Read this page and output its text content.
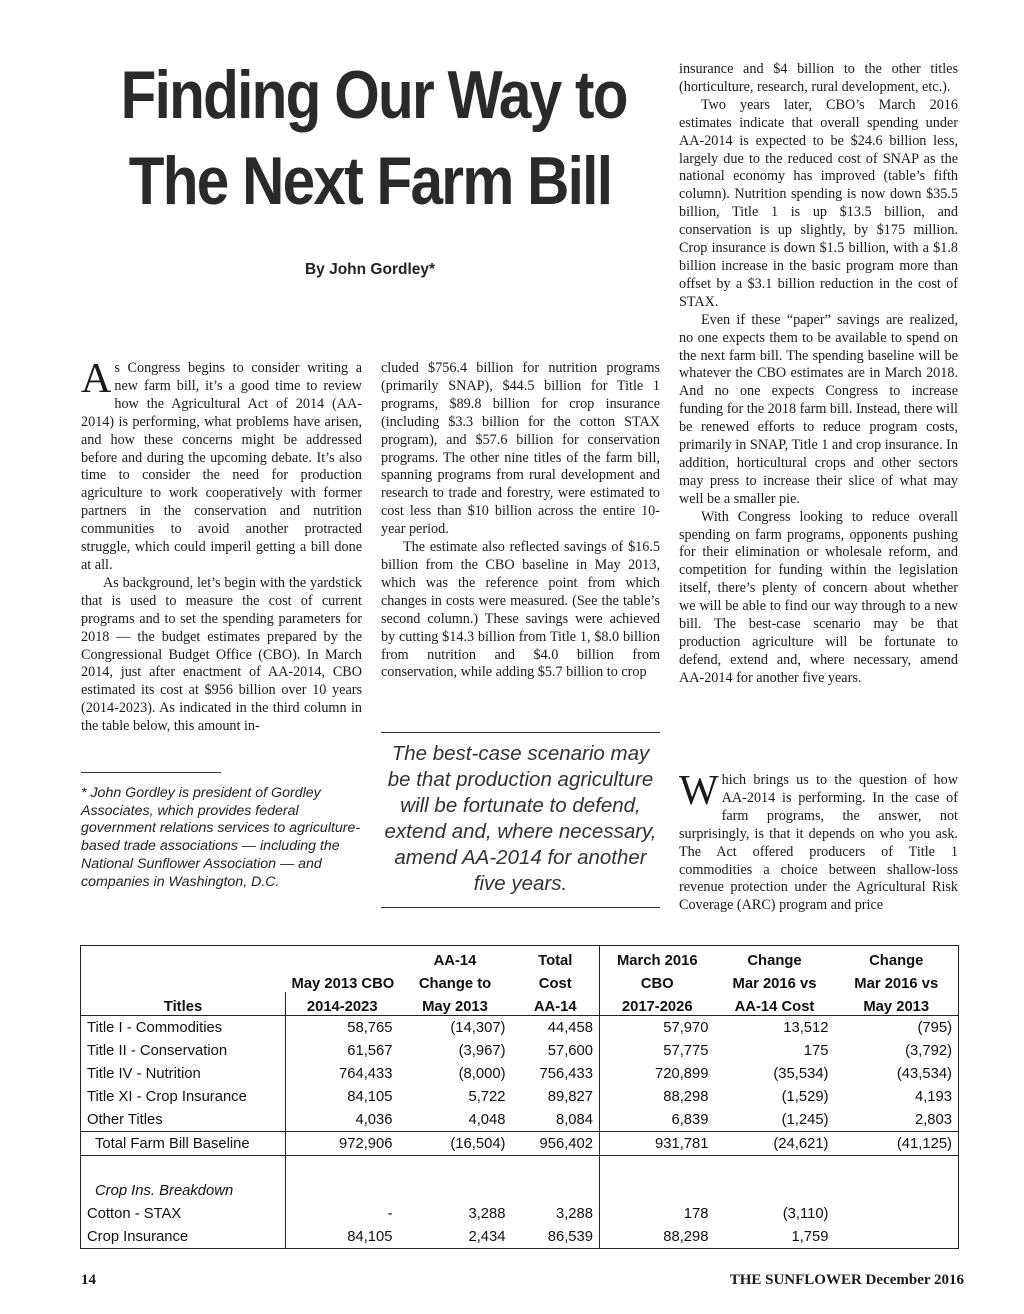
Finding Our Way to
The Next Farm Bill
By John Gordley*

As Congress begins to consider writing a new farm bill, it’s a good time to review how the Agricultural Act of 2014 (AA-2014) is performing, what problems have arisen, and how these concerns might be addressed before and during the upcoming debate. It’s also time to consider the need for production agriculture to work cooperatively with former partners in the conservation and nutrition communities to avoid another protracted struggle, which could imperil getting a bill done at all.

As background, let’s begin with the yardstick that is used to measure the cost of current programs and to set the spending parameters for 2018 — the budget estimates prepared by the Congressional Budget Office (CBO). In March 2014, just after enactment of AA-2014, CBO estimated its cost at $956 billion over 10 years (2014-2023). As indicated in the third column in the table below, this amount in-

* John Gordley is president of Gordley Associates, which provides federal government relations services to agriculture-based trade associations — including the National Sunflower Association — and companies in Washington, D.C.

cluded $756.4 billion for nutrition programs (primarily SNAP), $44.5 billion for Title 1 programs, $89.8 billion for crop insurance (including $3.3 billion for the cotton STAX program), and $57.6 billion for conservation programs. The other nine titles of the farm bill, spanning programs from rural development and research to trade and forestry, were estimated to cost less than $10 billion across the entire 10-year period.

The estimate also reflected savings of $16.5 billion from the CBO baseline in May 2013, which was the reference point from which changes in costs were measured. (See the table’s second column.) These savings were achieved by cutting $14.3 billion from Title 1, $8.0 billion from nutrition and $4.0 billion from conservation, while adding $5.7 billion to crop

The best-case scenario may be that production agriculture will be fortunate to defend, extend and, where necessary, amend AA-2014 for another five years.

insurance and $4 billion to the other titles (horticulture, research, rural development, etc.).

Two years later, CBO’s March 2016 estimates indicate that overall spending under AA-2014 is expected to be $24.6 billion less, largely due to the reduced cost of SNAP as the national economy has improved (table’s fifth column). Nutrition spending is now down $35.5 billion, Title 1 is up $13.5 billion, and conservation is up slightly, by $175 million. Crop insurance is down $1.5 billion, with a $1.8 billion increase in the basic program more than offset by a $3.1 billion reduction in the cost of STAX.

Even if these “paper” savings are realized, no one expects them to be available to spend on the next farm bill. The spending baseline will be whatever the CBO estimates are in March 2018. And no one expects Congress to increase funding for the 2018 farm bill. Instead, there will be renewed efforts to reduce program costs, primarily in SNAP, Title 1 and crop insurance. In addition, horticultural crops and other sectors may press to increase their slice of what may well be a smaller pie.

With Congress looking to reduce overall spending on farm programs, opponents pushing for their elimination or wholesale reform, and competition for funding within the legislation itself, there’s plenty of concern about whether we will be able to find our way through to a new bill. The best-case scenario may be that production agriculture will be fortunate to defend, extend and, where necessary, amend AA-2014 for another five years.

Which brings us to the question of how AA-2014 is performing. In the case of farm programs, the answer, not surprisingly, is that it depends on who you ask. The Act offered producers of Title 1 commodities a choice between shallow-loss revenue protection under the Agricultural Risk Coverage (ARC) program and price

		AA-14	Total	March 2016	Change	Change
	May 2013 CBO	Change to	Cost	CBO	Mar 2016 vs	Mar 2016 vs
Titles	2014-2023	May 2013	AA-14	2017-2026	AA-14 Cost	May 2013
Title I - Commodities	58,765	(14,307)	44,458	57,970	13,512	(795)
Title II - Conservation	61,567	(3,967)	57,600	57,775	175	(3,792)
Title IV - Nutrition	764,433	(8,000)	756,433	720,899	(35,534)	(43,534)
Title XI - Crop Insurance	84,105	5,722	89,827	88,298	(1,529)	4,193
Other Titles	4,036	4,048	8,084	6,839	(1,245)	2,803
Total Farm Bill Baseline	972,906	(16,504)	956,402	931,781	(24,621)	(41,125)

Crop Ins. Breakdown						
Cotton - STAX	-	3,288	3,288	178	(3,110)	
Crop Insurance	84,105	2,434	86,539	88,298	1,759	
14	THE SUNFLOWER December 2016
